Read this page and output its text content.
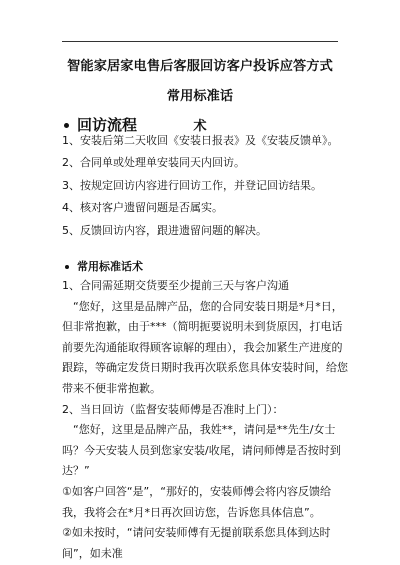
智能家居家电售后客服回访客户投诉应答方式常用标准话
术
回访流程
1、安装后第二天收回《安装日报表》及《安装反馈单》。
2、合同单或处理单安装同天内回访。
3、按规定回访内容进行回访工作，并登记回访结果。
4、核对客户遗留问题是否属实。
5、反馈回访内容，跟进遗留问题的解决。
常用标准话术

1、合同需延期交货要至少提前三天与客户沟通

“您好，这里是品牌产品，您的合同安装日期是*月*日，但非常抱歉，由于***（简明扼要说明未到货原因，打电话前要先沟通能取得顾客谅解的理由），我会加紧生产进度的跟踪，等确定发货日期时我再次联系您具体安装时间，给您带来不便非常抱歉。

2、当日回访（监督安装师傅是否准时上门）：

“您好，这里是品牌产品，我姓**，请问是**先生/女士吗？今天安装人员到您家安装/收尾，请问师傅是否按时到达？”

①如客户回答“是”，“那好的，安装师傅会将内容反馈给我，我将会在*月*日再次回访您，告诉您具体信息”。

②如未按时，“请问安装师傅有无提前联系您具体到达时间”，如未准
